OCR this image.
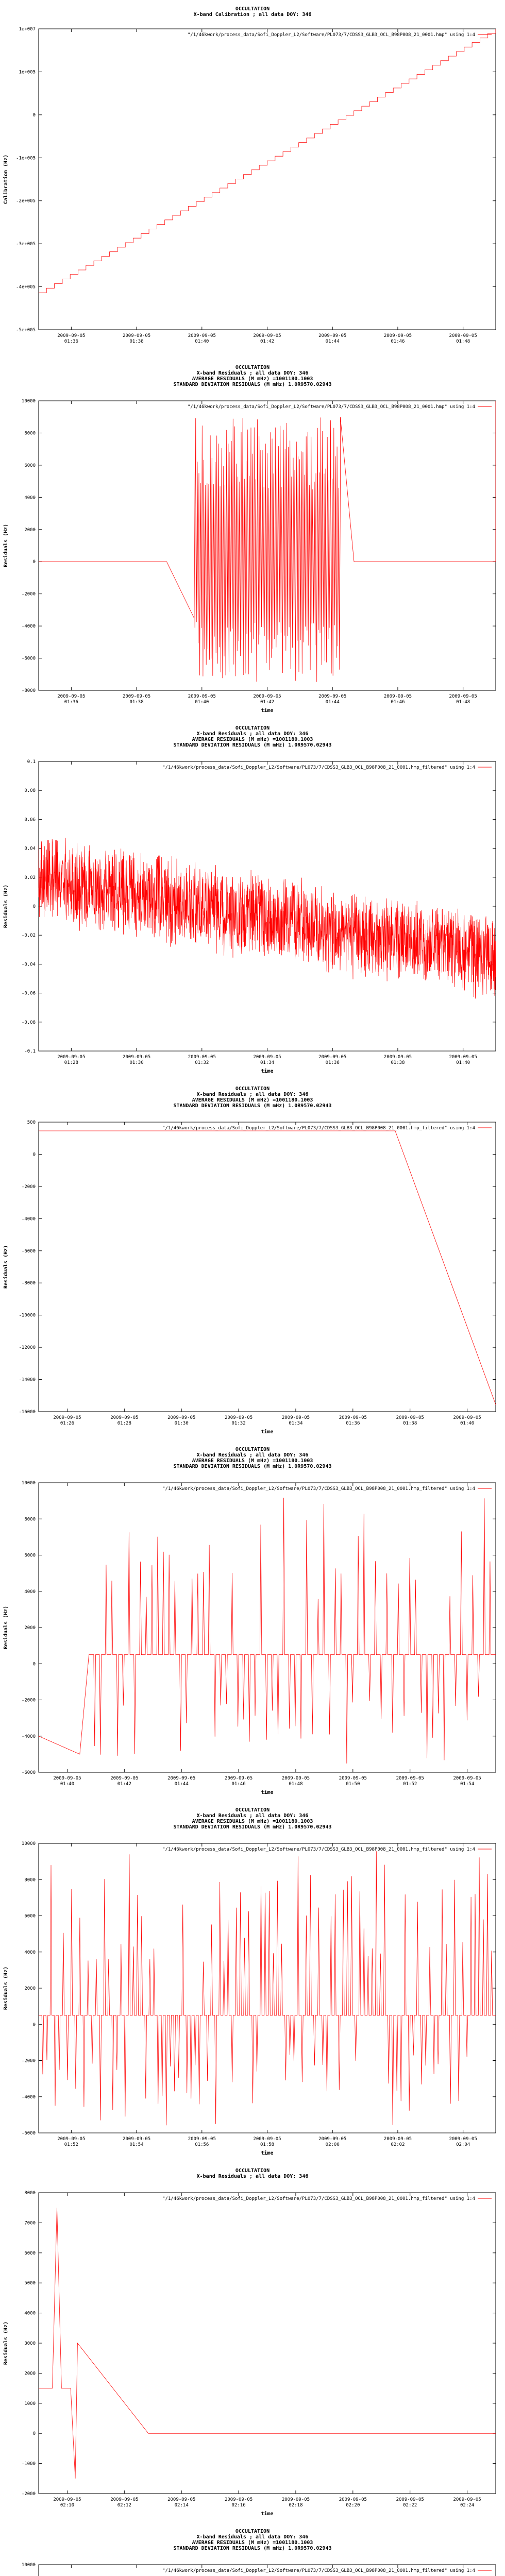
OCCULTATION
X-band Calibration ; all data DOY: 346
"/1/46kwork/process_data/Sofi_Doppler_L2/Software/PL073/7/CDSS3_GLB3_OCL_B98P008_21_0001.hmp" using 1:4
1e+007
1e+005
0
-1e+005
-2e+005
-3e+005
-4e+005
-5e+005
2009-09-05 01:36
2009-09-05 01:38
2009-09-05 01:40
2009-09-05 01:42
2009-09-05 01:44
2009-09-05 01:46
2009-09-05 01:48
Calibration (Hz)
OCCULTATION
X-band Residuals ; all data DOY: 346
AVERAGE RESIDUALS (M mHz) =1001180.1003
STANDARD DEVIATION RESIDUALS (M mHz) 1.0R9570.02943
"/1/46kwork/process_data/Sofi_Doppler_L2/Software/PL073/7/CDSS3_GLB3_OCL_B98P008_21_0001.hmp" using 1:4
10000
8000
6000
4000
2000
0
-2000
-4000
-6000
-8000
2009-09-05 01:36
2009-09-05 01:38
2009-09-05 01:40
2009-09-05 01:42
2009-09-05 01:44
2009-09-05 01:46
2009-09-05 01:48
time
Residuals (Hz)
OCCULTATION
X-band Residuals ; all data DOY: 346
AVERAGE RESIDUALS (M mHz) =1001180.1003
STANDARD DEVIATION RESIDUALS (M mHz) 1.0R9570.02943
"/1/46kwork/process_data/Sofi_Doppler_L2/Software/PL073/7/CDSS3_GLB3_OCL_B98P008_21_0001.hmp_filtered" using 1:4
0.1
0.08
0.06
0.04
0.02
0
-0.02
-0.04
-0.06
-0.08
-0.1
2009-09-05 01:28
2009-09-05 01:30
2009-09-05 01:32
2009-09-05 01:34
2009-09-05 01:36
2009-09-05 01:38
2009-09-05 01:40
time
Residuals (Hz)
OCCULTATION
X-band Residuals ; all data DOY: 346
AVERAGE RESIDUALS (M mHz) =1001180.1003
STANDARD DEVIATION RESIDUALS (M mHz) 1.0R9570.02943
"/1/46kwork/process_data/Sofi_Doppler_L2/Software/PL073/7/CDSS3_GLB3_OCL_B98P008_21_0001.hmp_filtered" using 1:4
500
0
-2000
-4000
-6000
-8000
-10000
-12000
-14000
-16000
2009-09-05 01:26
2009-09-05 01:28
2009-09-05 01:30
2009-09-05 01:32
2009-09-05 01:34
2009-09-05 01:36
2009-09-05 01:38
2009-09-05 01:40
time
Residuals (Hz)
OCCULTATION
X-band Residuals ; all data DOY: 346
AVERAGE RESIDUALS (M mHz) =1001180.1003
STANDARD DEVIATION RESIDUALS (M mHz) 1.0R9570.02943
"/1/46kwork/process_data/Sofi_Doppler_L2/Software/PL073/7/CDSS3_GLB3_OCL_B98P008_21_0001.hmp_filtered" using 1:4
10000
8000
6000
4000
2000
0
-2000
-4000
-6000
2009-09-05 01:40
2009-09-05 01:42
2009-09-05 01:44
2009-09-05 01:46
2009-09-05 01:48
2009-09-05 01:50
2009-09-05 01:52
2009-09-05 01:54
time
Residuals (Hz)
OCCULTATION
X-band Residuals ; all data DOY: 346
AVERAGE RESIDUALS (M mHz) =1001180.1003
STANDARD DEVIATION RESIDUALS (M mHz) 1.0R9570.02943
"/1/46kwork/process_data/Sofi_Doppler_L2/Software/PL073/7/CDSS3_GLB3_OCL_B98P008_21_0001.hmp_filtered" using 1:4
10000
8000
6000
4000
2000
0
-2000
-4000
-6000
2009-09-05 01:52
2009-09-05 01:54
2009-09-05 01:56
2009-09-05 01:58
2009-09-05 02:00
2009-09-05 02:02
2009-09-05 02:04
time
Residuals (Hz)
OCCULTATION
X-band Residuals ; all data DOY: 346
"/1/46kwork/process_data/Sofi_Doppler_L2/Software/PL073/7/CDSS3_GLB3_OCL_B98P008_21_0001.hmp_filtered" using 1:4
8000
7000
6000
5000
4000
3000
2000
1000
0
-1000
-2000
2009-09-05 02:10
2009-09-05 02:12
2009-09-05 02:14
2009-09-05 02:16
2009-09-05 02:18
2009-09-05 02:20
2009-09-05 02:22
2009-09-05 02:24
time
Residuals (Hz)
OCCULTATION
X-band Residuals ; all data DOY: 346
AVERAGE RESIDUALS (M mHz) =1001180.1003
STANDARD DEVIATION RESIDUALS (M mHz) 1.0R9570.02943
"/1/46kwork/process_data/Sofi_Doppler_L2/Software/PL073/7/CDSS3_GLB3_OCL_B98P008_21_0001.hmp_filtered" using 1:4
10000
